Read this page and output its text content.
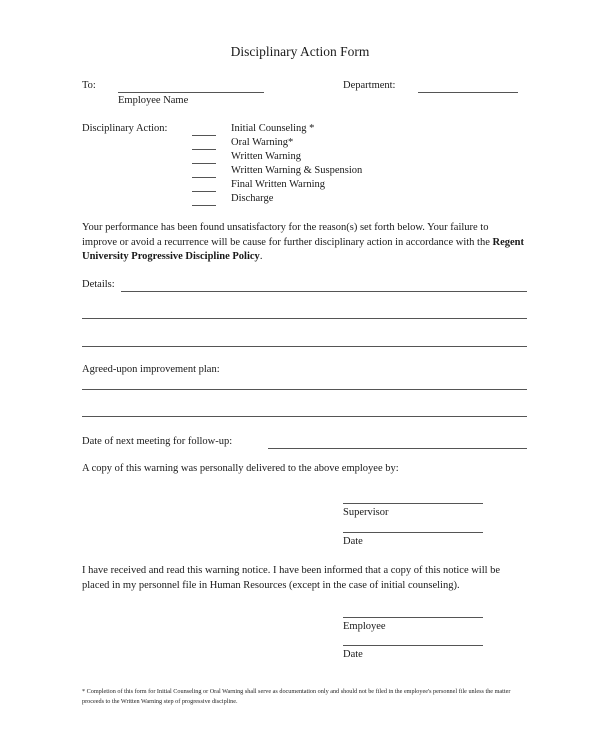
Disciplinary Action Form
To:
Employee Name
Department:
Disciplinary Action:	Initial Counseling *
Oral Warning*
Written Warning
Written Warning & Suspension
Final Written Warning
Discharge
Your performance has been found unsatisfactory for the reason(s) set forth below. Your failure to improve or avoid a recurrence will be cause for further disciplinary action in accordance with the Regent University Progressive Discipline Policy.
Details:
Agreed-upon improvement plan:
Date of next meeting for follow-up:
A copy of this warning was personally delivered to the above employee by:
Supervisor
Date
I have received and read this warning notice. I have been informed that a copy of this notice will be placed in my personnel file in Human Resources (except in the case of initial counseling).
Employee
Date
* Completion of this form for Initial Counseling or Oral Warning shall serve as documentation only and should not be filed in the employee's personnel file unless the matter proceeds to the Written Warning step of progressive discipline.
